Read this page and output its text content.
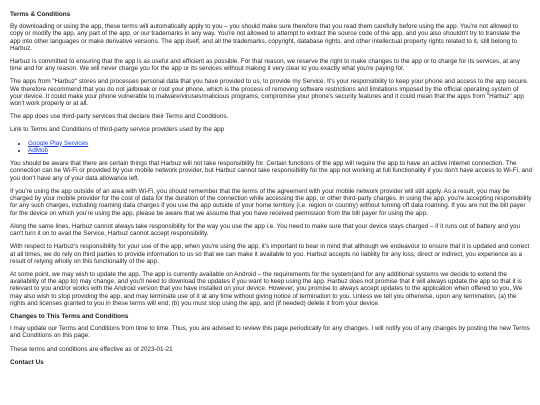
Terms & Conditions

By downloading or using the app, these terms will automatically apply to you – you should make sure therefore that you read them carefully before using the app. You're not allowed to copy or modify the app, any part of the app, or our trademarks in any way. You're not allowed to attempt to extract the source code of the app, and you also shouldn't try to translate the app into other languages or make derivative versions. The app itself, and all the trademarks, copyright, database rights, and other intellectual property rights related to it, still belong to Harbuz.

Harbuz is committed to ensuring that the app is as useful and efficient as possible. For that reason, we reserve the right to make changes to the app or to charge for its services, at any time and for any reason. We will never charge you for the app or its services without making it very clear to you exactly what you're paying for.

The apps from "Harbuz" stores and processes personal data that you have provided to us, to provide my Service. It's your responsibility to keep your phone and access to the app secure. We therefore recommend that you do not jailbreak or root your phone, which is the process of removing software restrictions and limitations imposed by the official operating system of your device. It could make your phone vulnerable to malware/viruses/malicious programs, compromise your phone's security features and it could mean that the apps from "Harbuz" app won't work properly or at all.

The app does use third-party services that declare their Terms and Conditions.

Link to Terms and Conditions of third-party service providers used by the app

• Google Play Services
• AdMob

You should be aware that there are certain things that Harbuz will not take responsibility for. Certain functions of the app will require the app to have an active internet connection. The connection can be Wi-Fi or provided by your mobile network provider, but Harbuz cannot take responsibility for the app not working at full functionality if you don't have access to Wi-Fi, and you don't have any of your data allowance left.

If you're using the app outside of an area with Wi-Fi, you should remember that the terms of the agreement with your mobile network provider will still apply. As a result, you may be charged by your mobile provider for the cost of data for the duration of the connection while accessing the app, or other third-party charges. In using the app, you're accepting responsibility for any such charges, including roaming data charges if you use the app outside of your home territory (i.e. region or country) without turning off data roaming. If you are not the bill payer for the device on which you're using the app, please be aware that we assume that you have received permission from the bill payer for using the app.

Along the same lines, Harbuz cannot always take responsibility for the way you use the app i.e. You need to make sure that your device stays charged – if it runs out of battery and you can't turn it on to avail the Service, Harbuz cannot accept responsibility.

With respect to Harbuz's responsibility for your use of the app, when you're using the app, it's important to bear in mind that although we endeavour to ensure that it is updated and correct at all times, we do rely on third parties to provide information to us so that we can make it available to you. Harbuz accepts no liability for any loss, direct or indirect, you experience as a result of relying wholly on this functionality of the app.

At some point, we may wish to update the app. The app is currently available on Android – the requirements for the system(and for any additional systems we decide to extend the availability of the app to) may change, and you'll need to download the updates if you want to keep using the app. Harbuz does not promise that it will always update the app so that it is relevant to you and/or works with the Android version that you have installed on your device. However, you promise to always accept updates to the application when offered to you, We may also wish to stop providing the app, and may terminate use of it at any time without giving notice of termination to you. Unless we tell you otherwise, upon any termination, (a) the rights and licenses granted to you in these terms will end; (b) you must stop using the app, and (if needed) delete it from your device.

Changes to This Terms and Conditions

I may update our Terms and Conditions from time to time. Thus, you are advised to review this page periodically for any changes. I will notify you of any changes by posting the new Terms and Conditions on this page.

These terms and conditions are effective as of 2023-01-21

Contact Us
